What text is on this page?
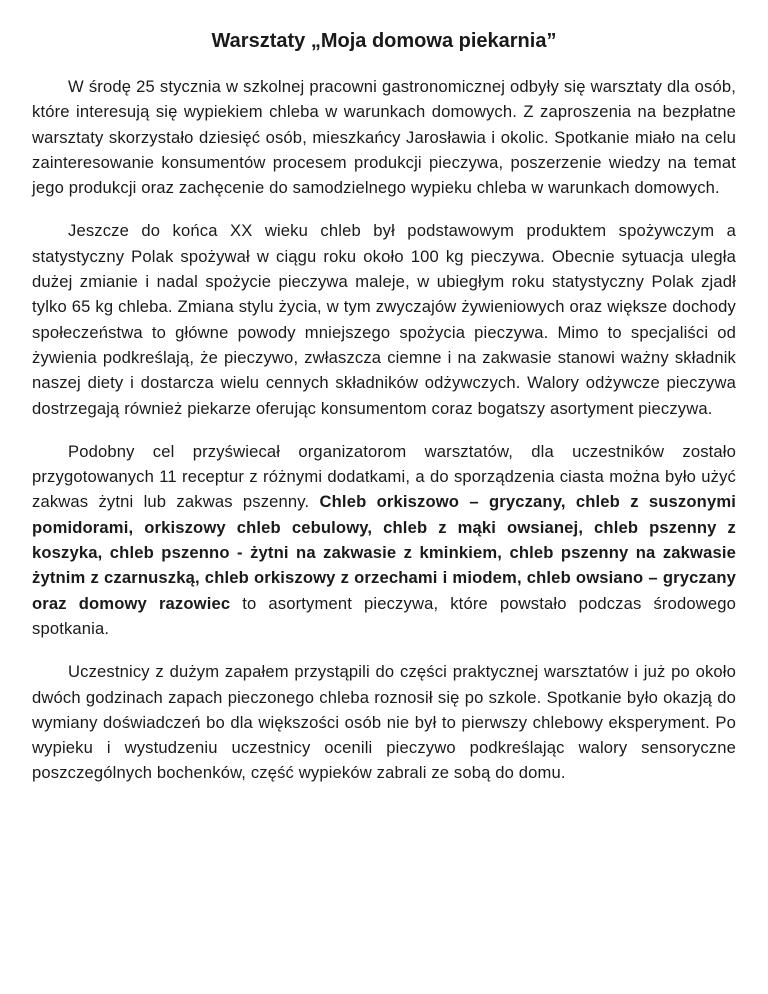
Warsztaty „Moja domowa piekarnia”

W środę 25 stycznia w szkolnej pracowni gastronomicznej odbyły się warsztaty dla osób, które interesują się wypiekiem chleba w warunkach domowych. Z zaproszenia na bezpłatne warsztaty skorzystało dziesięć osób, mieszkańcy Jarosławia i okolic. Spotkanie miało na celu zainteresowanie konsumentów procesem produkcji pieczywa, poszerzenie wiedzy na temat jego produkcji oraz zachęcenie do samodzielnego wypieku chleba w warunkach domowych.

Jeszcze do końca XX wieku chleb był podstawowym produktem spożywczym a statystyczny Polak spożywał w ciągu roku około 100 kg pieczywa. Obecnie sytuacja uległa dużej zmianie i nadal spożycie pieczywa maleje, w ubiegłym roku statystyczny Polak zjadł tylko 65 kg chleba. Zmiana stylu życia, w tym zwyczajów żywieniowych oraz większe dochody społeczeństwa to główne powody mniejszego spożycia pieczywa. Mimo to specjaliści od żywienia podkreślają, że pieczywo, zwłaszcza ciemne i na zakwasie stanowi ważny składnik naszej diety i dostarcza wielu cennych składników odżywczych. Walory odżywcze pieczywa dostrzegają również piekarze oferując konsumentom coraz bogatszy asortyment pieczywa.

Podobny cel przyświecał organizatorom warsztatów, dla uczestników zostało przygotowanych 11 receptur z różnymi dodatkami, a do sporządzenia ciasta można było użyć zakwas żytni lub zakwas pszenny. Chleb orkiszowo – gryczany, chleb z suszonymi pomidorami, orkiszowy chleb cebulowy, chleb z mąki owsianej, chleb pszenny z koszyka, chleb pszenno - żytni na zakwasie z kminkiem, chleb pszenny na zakwasie żytnim z czarnuszką, chleb orkiszowy z orzechami i miodem, chleb owsiano – gryczany oraz domowy razowiec to asortyment pieczywa, które powstało podczas środowego spotkania.

Uczestnicy z dużym zapałem przystąpili do części praktycznej warsztatów i już po około dwóch godzinach zapach pieczonego chleba roznosił się po szkole. Spotkanie było okazją do wymiany doświadczeń bo dla większości osób nie był to pierwszy chlebowy eksperyment. Po wypieku i wystudzeniu uczestnicy ocenili pieczywo podkreślając walory sensoryczne poszczególnych bochenków, część wypieków zabrali ze sobą do domu.
